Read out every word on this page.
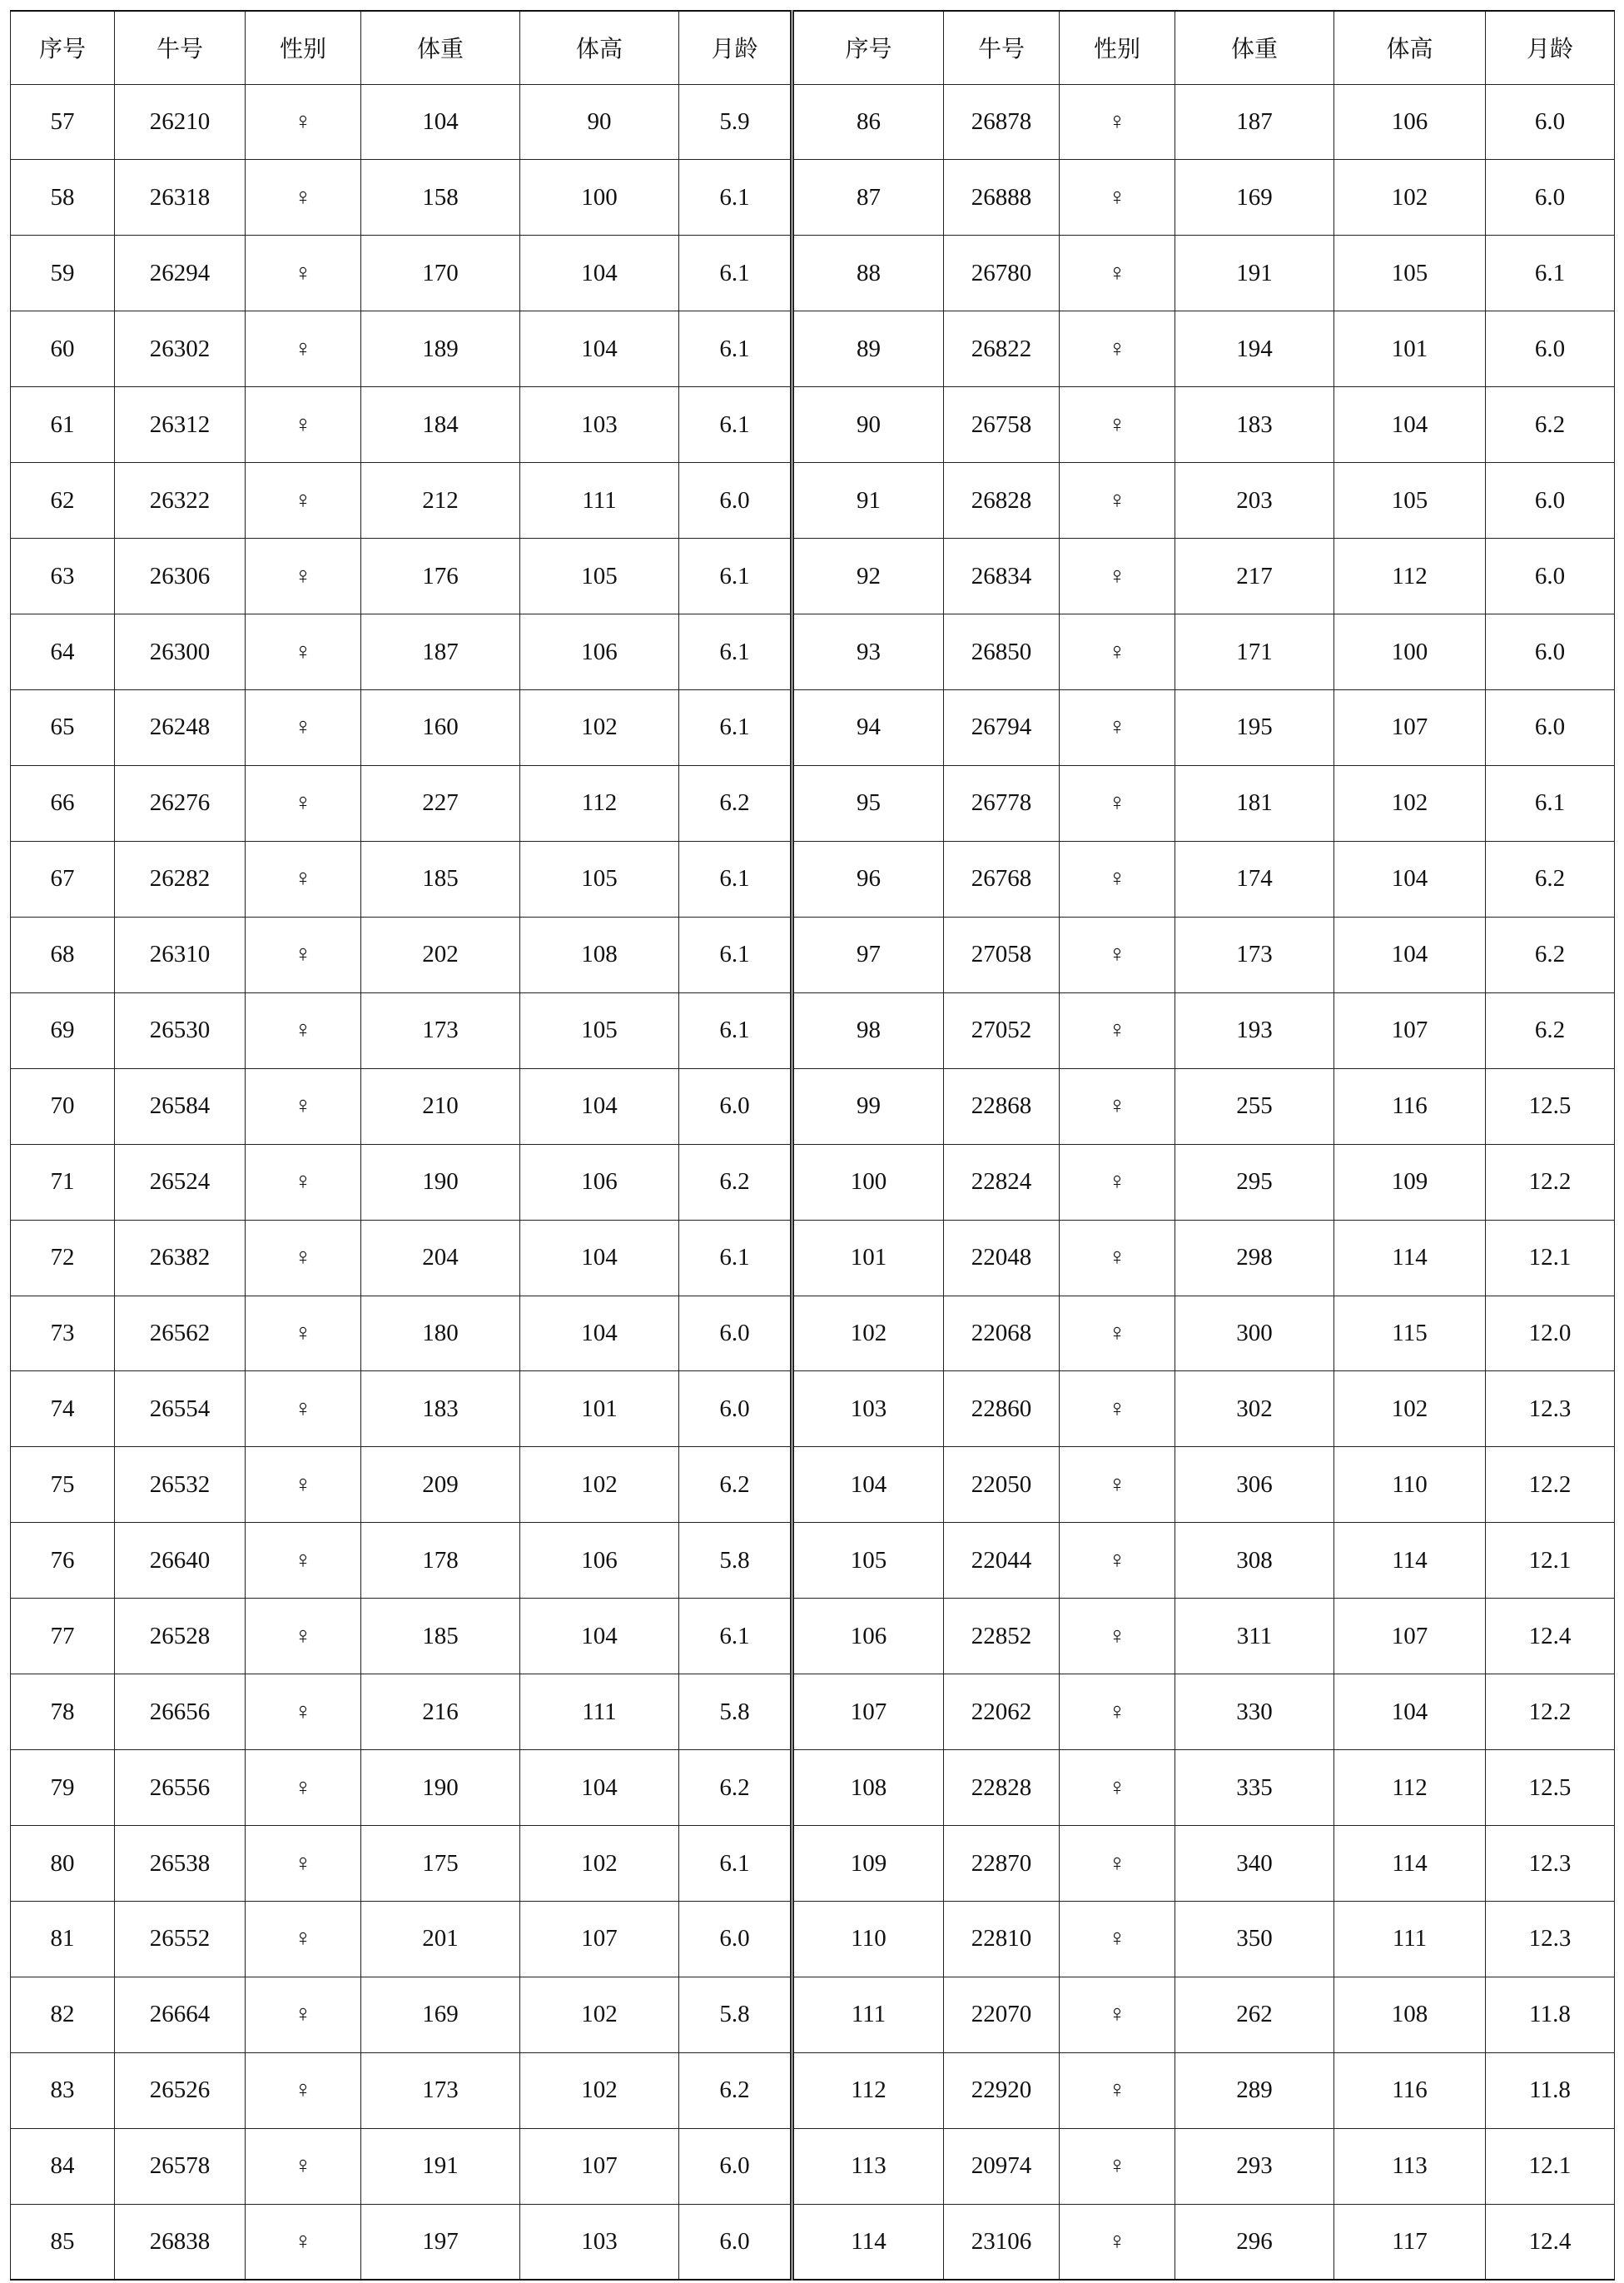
序号	牛号	性别	体重	体高	月龄	序号	牛号	性别	体重	体高	月龄
57	26210	♀	104	90	5.9	86	26878	♀	187	106	6.0
58	26318	♀	158	100	6.1	87	26888	♀	169	102	6.0
59	26294	♀	170	104	6.1	88	26780	♀	191	105	6.1
60	26302	♀	189	104	6.1	89	26822	♀	194	101	6.0
61	26312	♀	184	103	6.1	90	26758	♀	183	104	6.2
62	26322	♀	212	111	6.0	91	26828	♀	203	105	6.0
63	26306	♀	176	105	6.1	92	26834	♀	217	112	6.0
64	26300	♀	187	106	6.1	93	26850	♀	171	100	6.0
65	26248	♀	160	102	6.1	94	26794	♀	195	107	6.0
66	26276	♀	227	112	6.2	95	26778	♀	181	102	6.1
67	26282	♀	185	105	6.1	96	26768	♀	174	104	6.2
68	26310	♀	202	108	6.1	97	27058	♀	173	104	6.2
69	26530	♀	173	105	6.1	98	27052	♀	193	107	6.2
70	26584	♀	210	104	6.0	99	22868	♀	255	116	12.5
71	26524	♀	190	106	6.2	100	22824	♀	295	109	12.2
72	26382	♀	204	104	6.1	101	22048	♀	298	114	12.1
73	26562	♀	180	104	6.0	102	22068	♀	300	115	12.0
74	26554	♀	183	101	6.0	103	22860	♀	302	102	12.3
75	26532	♀	209	102	6.2	104	22050	♀	306	110	12.2
76	26640	♀	178	106	5.8	105	22044	♀	308	114	12.1
77	26528	♀	185	104	6.1	106	22852	♀	311	107	12.4
78	26656	♀	216	111	5.8	107	22062	♀	330	104	12.2
79	26556	♀	190	104	6.2	108	22828	♀	335	112	12.5
80	26538	♀	175	102	6.1	109	22870	♀	340	114	12.3
81	26552	♀	201	107	6.0	110	22810	♀	350	111	12.3
82	26664	♀	169	102	5.8	111	22070	♀	262	108	11.8
83	26526	♀	173	102	6.2	112	22920	♀	289	116	11.8
84	26578	♀	191	107	6.0	113	20974	♀	293	113	12.1
85	26838	♀	197	103	6.0	114	23106	♀	296	117	12.4
